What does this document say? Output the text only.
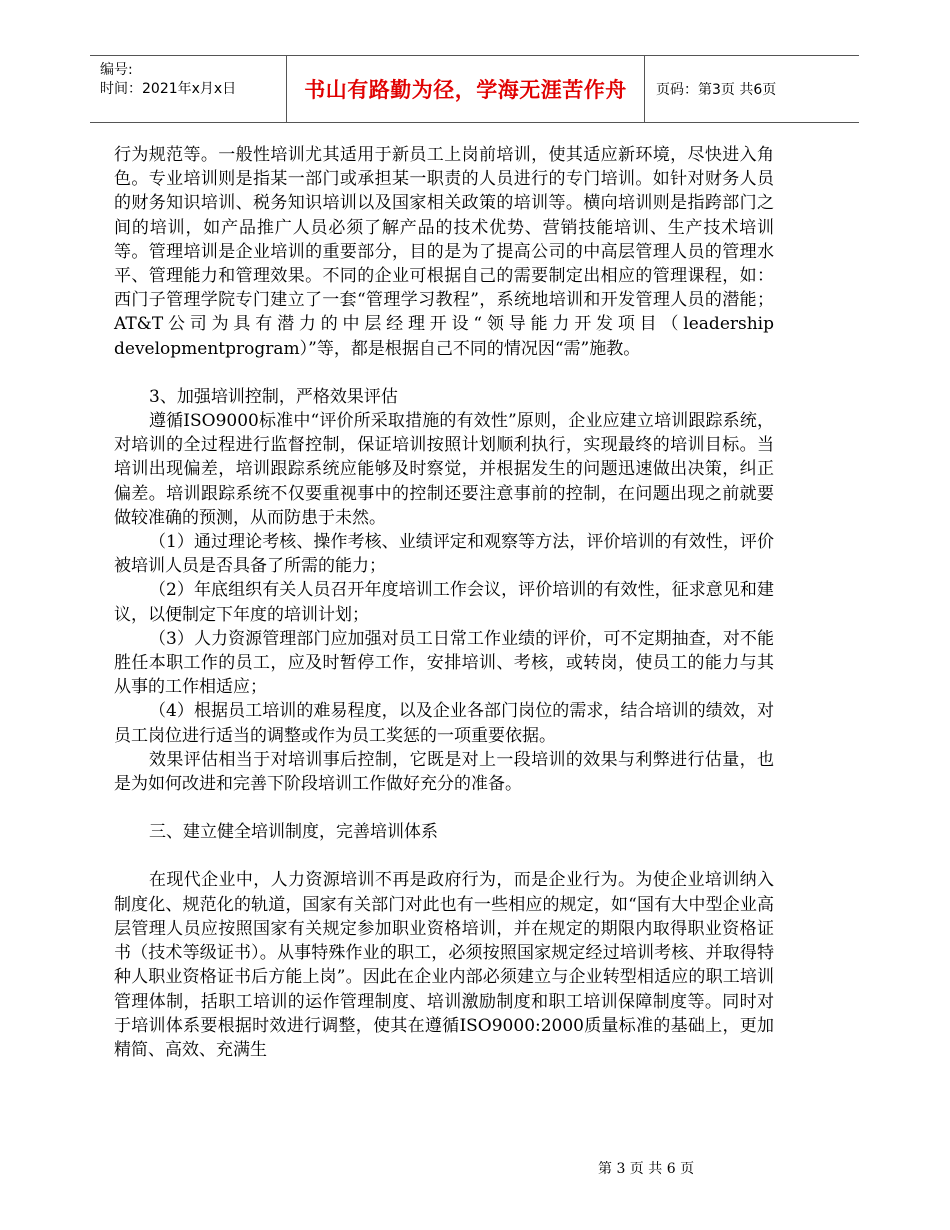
编号:
时间：2021年x月x日	书山有路勤为径，学海无涯苦作舟 页码：第3页 共6页

行为规范等。一般性培训尤其适用于新员工上岗前培训，使其适应新环境，尽快进入角色。专业培训则是指某一部门或承担某一职责的人员进行的专门培训。如针对财务人员的财务知识培训、税务知识培训以及国家相关政策的培训等。横向培训则是指跨部门之间的培训，如产品推广人员必须了解产品的技术优势、营销技能培训、生产技术培训等。管理培训是企业培训的重要部分，目的是为了提高公司的中高层管理人员的管理水平、管理能力和管理效果。不同的企业可根据自己的需要制定出相应的管理课程，如：西门子管理学院专门建立了一套“管理学习教程”，系统地培训和开发管理人员的潜能；AT&T公司为具有潜力的中层经理开设“领导能力开发项目（leadership developmentprogram）”等，都是根据自己不同的情况因“需”施教。

3、加强培训控制，严格效果评估

遵循ISO9000标准中“评价所采取措施的有效性”原则，企业应建立培训跟踪系统，对培训的全过程进行监督控制，保证培训按照计划顺利执行，实现最终的培训目标。当培训出现偏差，培训跟踪系统应能够及时察觉，并根据发生的问题迅速做出决策，纠正偏差。培训跟踪系统不仅要重视事中的控制还要注意事前的控制，在问题出现之前就要做较准确的预测，从而防患于未然。

（1）通过理论考核、操作考核、业绩评定和观察等方法，评价培训的有效性，评价被培训人员是否具备了所需的能力；

（2）年底组织有关人员召开年度培训工作会议，评价培训的有效性，征求意见和建议，以便制定下年度的培训计划；

（3）人力资源管理部门应加强对员工日常工作业绩的评价，可不定期抽查，对不能胜任本职工作的员工，应及时暂停工作，安排培训、考核，或转岗，使员工的能力与其从事的工作相适应；

（4）根据员工培训的难易程度，以及企业各部门岗位的需求，结合培训的绩效，对员工岗位进行适当的调整或作为员工奖惩的一项重要依据。

效果评估相当于对培训事后控制，它既是对上一段培训的效果与利弊进行估量，也是为如何改进和完善下阶段培训工作做好充分的准备。

三、建立健全培训制度，完善培训体系

在现代企业中，人力资源培训不再是政府行为，而是企业行为。为使企业培训纳入制度化、规范化的轨道，国家有关部门对此也有一些相应的规定，如“国有大中型企业高层管理人员应按照国家有关规定参加职业资格培训，并在规定的期限内取得职业资格证书（技术等级证书）。从事特殊作业的职工，必须按照国家规定经过培训考核、并取得特种人职业资格证书后方能上岗”。因此在企业内部必须建立与企业转型相适应的职工培训管理体制，括职工培训的运作管理制度、培训激励制度和职工培训保障制度等。同时对于培训体系要根据时效进行调整，使其在遵循ISO9000:2000质量标准的基础上，更加精简、高效、充满生

第 3 页 共 6 页
